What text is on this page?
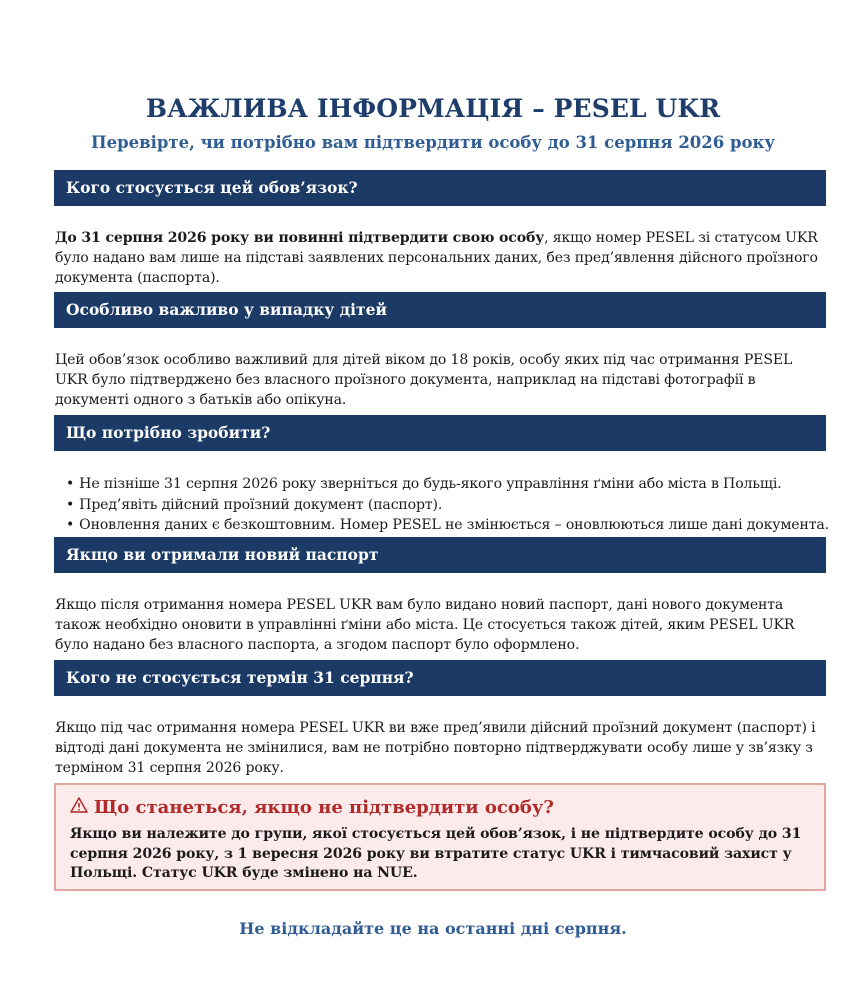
ВАЖЛИВА ІНФОРМАЦІЯ – PESEL UKR
Перевірте, чи потрібно вам підтвердити особу до 31 серпня 2026 року
Кого стосується цей обов’язок?
До 31 серпня 2026 року ви повинні підтвердити свою особу, якщо номер PESEL зі статусом UKR було надано вам лише на підставі заявлених персональних даних, без пред’явлення дійсного проїзного документа (паспорта).
Особливо важливо у випадку дітей
Цей обов’язок особливо важливий для дітей віком до 18 років, особу яких під час отримання PESEL UKR було підтверджено без власного проїзного документа, наприклад на підставі фотографії в документі одного з батьків або опікуна.
Що потрібно зробити?
• Не пізніше 31 серпня 2026 року зверніться до будь-якого управління ґміни або міста в Польщі.
• Пред’явіть дійсний проїзний документ (паспорт).
• Оновлення даних є безкоштовним. Номер PESEL не змінюється – оновлюються лише дані документа.
Якщо ви отримали новий паспорт
Якщо після отримання номера PESEL UKR вам було видано новий паспорт, дані нового документа також необхідно оновити в управлінні ґміни або міста. Це стосується також дітей, яким PESEL UKR було надано без власного паспорта, а згодом паспорт було оформлено.
Кого не стосується термін 31 серпня?
Якщо під час отримання номера PESEL UKR ви вже пред’явили дійсний проїзний документ (паспорт) і відтоді дані документа не змінилися, вам не потрібно повторно підтверджувати особу лише у зв’язку з терміном 31 серпня 2026 року.
Що станеться, якщо не підтвердити особу?
Якщо ви належите до групи, якої стосується цей обов’язок, і не підтвердите особу до 31 серпня 2026 року, з 1 вересня 2026 року ви втратите статус UKR і тимчасовий захист у Польщі. Статус UKR буде змінено на NUE.
Не відкладайте це на останні дні серпня.
